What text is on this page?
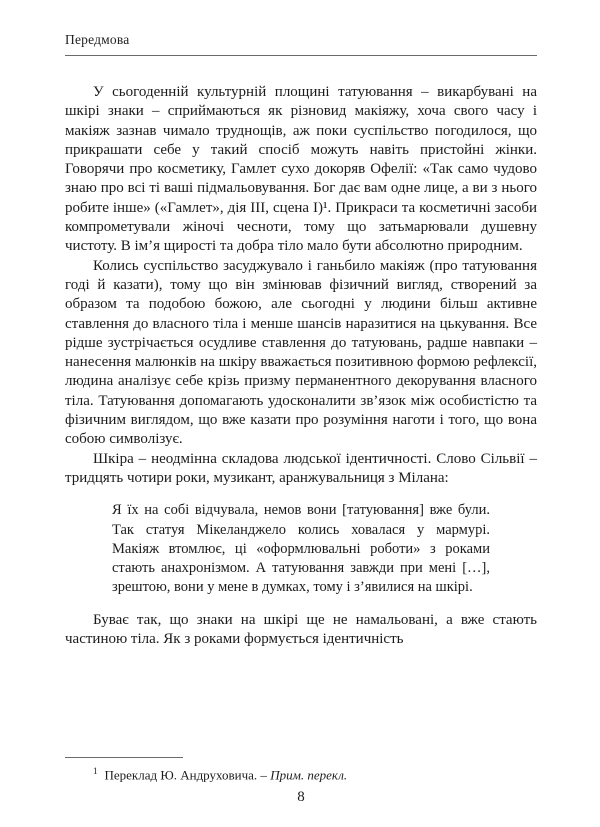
Передмова

У сьогоденній культурній площині татуювання – викарбувані на шкірі знаки – сприймаються як різновид макіяжу, хоча свого часу і макіяж зазнав чимало труднощів, аж поки суспільство погодилося, що прикрашати себе у такий спосіб можуть навіть пристойні жінки. Говорячи про косметику, Гамлет сухо докоряв Офелії: «Так само чудово знаю про всі ті ваші підмальовування. Бог дає вам одне лице, а ви з нього робите інше» («Гамлет», дія III, сцена I)¹. Прикраси та косметичні засоби компрометували жіночі чесноти, тому що затьмарювали душевну чистоту. В ім’я щирості та добра тіло мало бути абсолютно природним.

Колись суспільство засуджувало і ганьбило макіяж (про татуювання годі й казати), тому що він змінював фізичний вигляд, створений за образом та подобою божою, але сьогодні у людини більш активне ставлення до власного тіла і менше шансів наразитися на цькування. Все рідше зустрічається осудливе ставлення до татуювань, радше навпаки – нанесення малюнків на шкіру вважається позитивною формою рефлексії, людина аналізує себе крізь призму перманентного декорування власного тіла. Татуювання допомагають удосконалити зв’язок між особистістю та фізичним виглядом, що вже казати про розуміння наготи і того, що вона собою символізує.

Шкіра – неодмінна складова людської ідентичності. Слово Сільвії – тридцять чотири роки, музикант, аранжувальниця з Мілана:

Я їх на собі відчувала, немов вони [татуювання] вже були. Так статуя Мікеланджело колись ховалася у мармурі. Макіяж втомлює, ці «оформлювальні роботи» з роками стають анахронізмом. А татуювання завжди при мені […], зрештою, вони у мене в думках, тому і з’явилися на шкірі.

Буває так, що знаки на шкірі ще не намальовані, а вже стають частиною тіла. Як з роками формується ідентичність

$^1$ Переклад Ю. Андруховича. – Прим. перекл.

8
